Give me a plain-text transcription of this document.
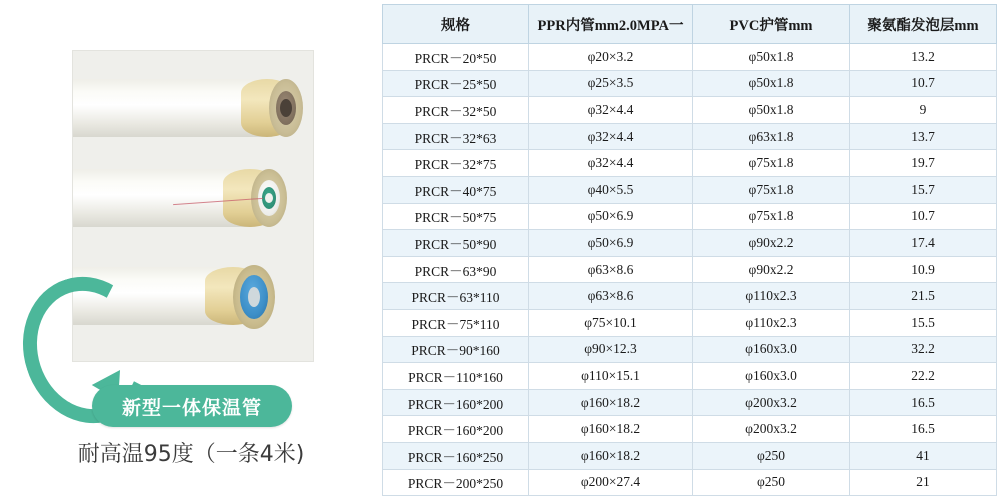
新型一体保温管
耐高温95度（一条4米)
规格	PPR内管mm2.0MPA一	PVC护管mm	聚氨酯发泡层mm
PRCR－20*50	φ20×3.2	φ50x1.8	13.2
PRCR－25*50	φ25×3.5	φ50x1.8	10.7
PRCR－32*50	φ32×4.4	φ50x1.8	9
PRCR－32*63	φ32×4.4	φ63x1.8	13.7
PRCR－32*75	φ32×4.4	φ75x1.8	19.7
PRCR－40*75	φ40×5.5	φ75x1.8	15.7
PRCR－50*75	φ50×6.9	φ75x1.8	10.7
PRCR－50*90	φ50×6.9	φ90x2.2	17.4
PRCR－63*90	φ63×8.6	φ90x2.2	10.9
PRCR－63*110	φ63×8.6	φ110x2.3	21.5
PRCR－75*110	φ75×10.1	φ110x2.3	15.5
PRCR－90*160	φ90×12.3	φ160x3.0	32.2
PRCR－110*160	φ110×15.1	φ160x3.0	22.2
PRCR－160*200	φ160×18.2	φ200x3.2	16.5
PRCR－160*200	φ160×18.2	φ200x3.2	16.5
PRCR－160*250	φ160×18.2	φ250	41
PRCR－200*250	φ200×27.4	φ250	21
